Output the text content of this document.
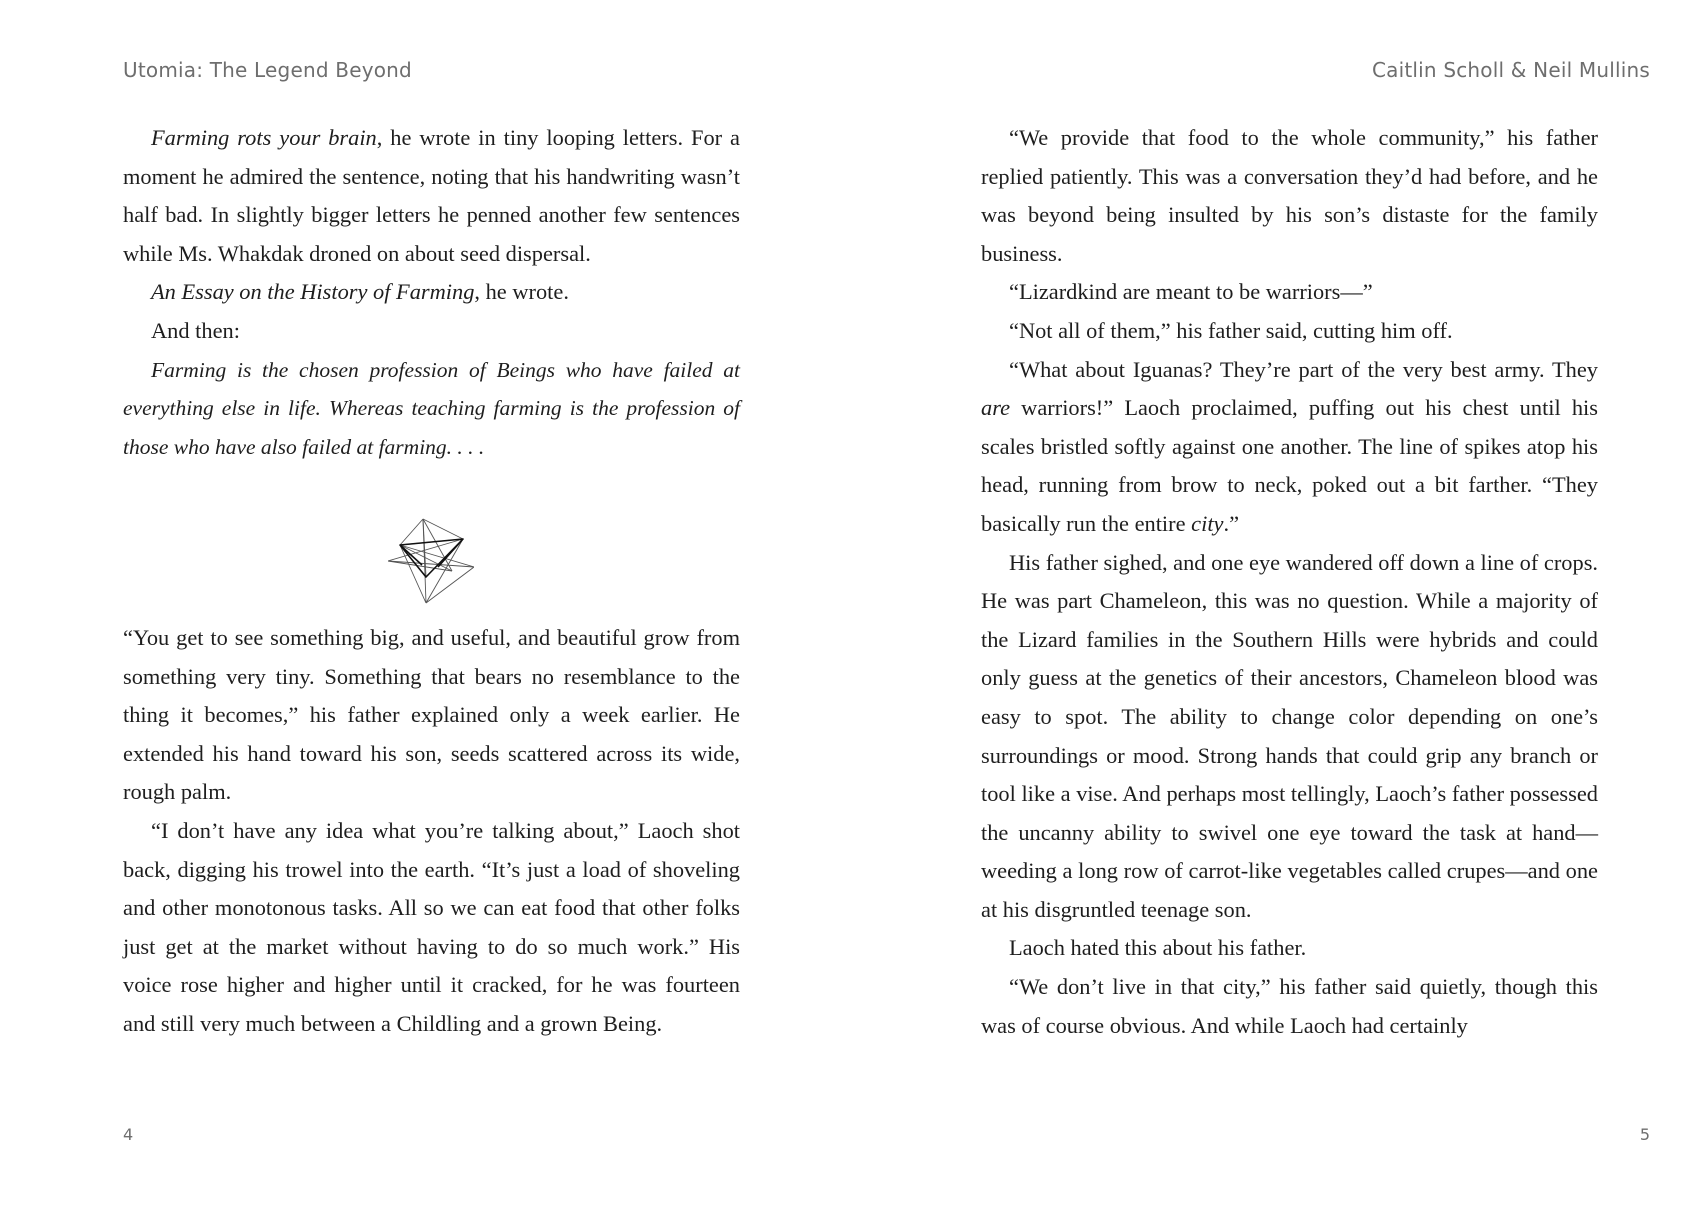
Utomia: The Legend Beyond

Farming rots your brain, he wrote in tiny looping letters. For a moment he admired the sentence, noting that his handwriting wasn’t half bad. In slightly bigger letters he penned another few sentences while Ms. Whakdak droned on about seed dispersal.

An Essay on the History of Farming, he wrote.

And then:

Farming is the chosen profession of Beings who have failed at everything else in life. Whereas teaching farming is the profession of those who have also failed at farming. . . .

“You get to see something big, and useful, and beautiful grow from something very tiny. Something that bears no resemblance to the thing it becomes,” his father explained only a week earlier. He extended his hand toward his son, seeds scattered across its wide, rough palm.

“I don’t have any idea what you’re talking about,” Laoch shot back, digging his trowel into the earth. “It’s just a load of shoveling and other monotonous tasks. All so we can eat food that other folks just get at the market without having to do so much work.” His voice rose higher and higher until it cracked, for he was fourteen and still very much between a Childling and a grown Being.

4
Caitlin Scholl & Neil Mullins

“We provide that food to the whole community,” his father replied patiently. This was a conversation they’d had before, and he was beyond being insulted by his son’s distaste for the family business.

“Lizardkind are meant to be warriors—”

“Not all of them,” his father said, cutting him off.

“What about Iguanas? They’re part of the very best army. They are warriors!” Laoch proclaimed, puffing out his chest until his scales bristled softly against one another. The line of spikes atop his head, running from brow to neck, poked out a bit farther. “They basically run the entire city.”

His father sighed, and one eye wandered off down a line of crops. He was part Chameleon, this was no question. While a majority of the Lizard families in the Southern Hills were hybrids and could only guess at the genetics of their ancestors, Chameleon blood was easy to spot. The ability to change color depending on one’s surroundings or mood. Strong hands that could grip any branch or tool like a vise. And perhaps most tellingly, Laoch’s father possessed the uncanny ability to swivel one eye toward the task at hand—weeding a long row of carrot-like vegetables called crupes—and one at his disgruntled teenage son.

Laoch hated this about his father.

“We don’t live in that city,” his father said quietly, though this was of course obvious. And while Laoch had certainly

5
